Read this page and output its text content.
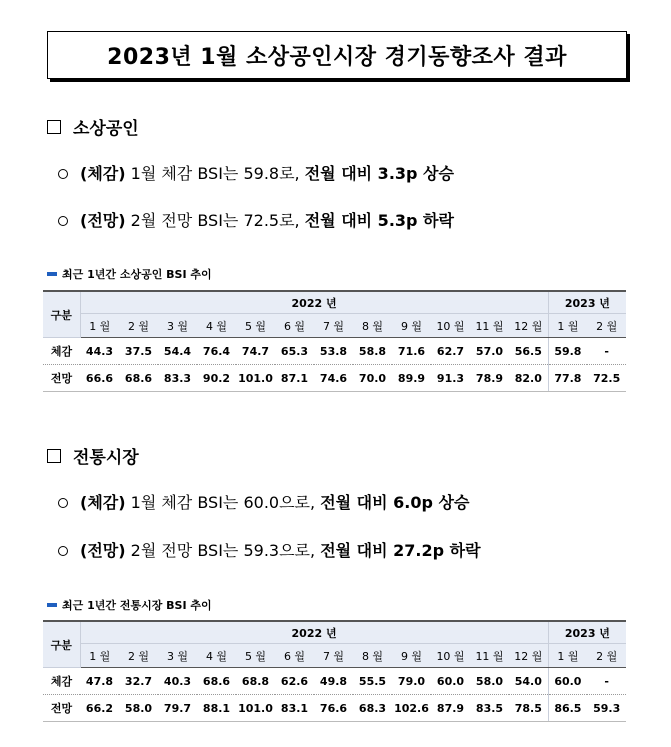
2023년 1월 소상공인시장 경기동향조사 결과
소상공인
(체감) 1월 체감 BSI는 59.8로, 전월 대비 3.3p 상승
(전망) 2월 전망 BSI는 72.5로, 전월 대비 5.3p 하락
최근 1년간 소상공인 BSI 추이
구분	2022 년												2023 년	
	1 월	2 월	3 월	4 월	5 월	6 월	7 월	8 월	9 월	10 월	11 월	12 월	1 월	2 월
체감	44.3	37.5	54.4	76.4	74.7	65.3	53.8	58.8	71.6	62.7	57.0	56.5	59.8	-
전망	66.6	68.6	83.3	90.2	101.0	87.1	74.6	70.0	89.9	91.3	78.9	82.0	77.8	72.5
전통시장
(체감) 1월 체감 BSI는 60.0으로, 전월 대비 6.0p 상승
(전망) 2월 전망 BSI는 59.3으로, 전월 대비 27.2p 하락
최근 1년간 전통시장 BSI 추이
구분	2022 년												2023 년	
	1 월	2 월	3 월	4 월	5 월	6 월	7 월	8 월	9 월	10 월	11 월	12 월	1 월	2 월
체감	47.8	32.7	40.3	68.6	68.8	62.6	49.8	55.5	79.0	60.0	58.0	54.0	60.0	-
전망	66.2	58.0	79.7	88.1	101.0	83.1	76.6	68.3	102.6	87.9	83.5	78.5	86.5	59.3
